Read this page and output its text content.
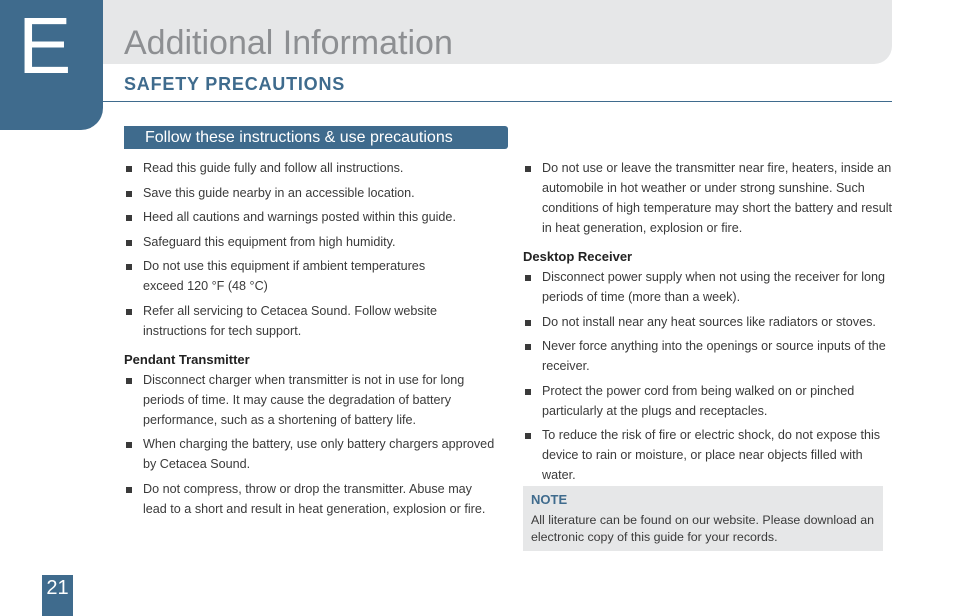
E Additional Information
SAFETY PRECAUTIONS
Follow these instructions & use precautions
Read this guide fully and follow all instructions.
Save this guide nearby in an accessible location.
Heed all cautions and warnings posted within this guide.
Safeguard this equipment from high humidity.
Do not use this equipment if ambient temperatures exceed 120 °F (48 °C)
Refer all servicing to Cetacea Sound. Follow website instructions for tech support.
Pendant Transmitter
Disconnect charger when transmitter is not in use for long periods of time. It may cause the degradation of battery performance, such as a shortening of battery life.
When charging the battery, use only battery chargers approved by Cetacea Sound.
Do not compress, throw or drop the transmitter. Abuse may lead to a short and result in heat generation, explosion or fire.
Do not use or leave the transmitter near fire, heaters, inside an automobile in hot weather or under strong sunshine. Such conditions of high temperature may short the battery and result in heat generation, explosion or fire.
Desktop Receiver
Disconnect power supply when not using the receiver for long periods of time (more than a week).
Do not install near any heat sources like radiators or stoves.
Never force anything into the openings or source inputs of the receiver.
Protect the power cord from being walked on or pinched particularly at the plugs and receptacles.
To reduce the risk of fire or electric shock, do not expose this device to rain or moisture, or place near objects filled with water.
NOTE
All literature can be found on our website. Please download an electronic copy of this guide for your records.
21
